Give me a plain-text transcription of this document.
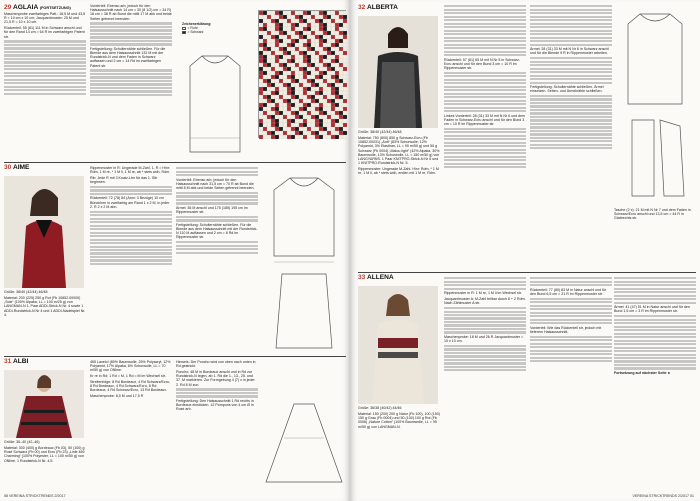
29 AGLAIA (FORTSETZUNG)

Maschenprobe zweifarbiges Patt.: 18,5 M und 43,5 R = 10 cm x 10 cm; Jacquardmuster: 25 M und 21,5 R = 10 x 10 cm.

Rückenteil: 55 (61) 111 M in Schwarz anschl und für den Rand 14 cm = 64 R im zweifarbigen Patent str.

Vorderteil: Ebenso arb, jedoch für den Halsausschnitt nach 14 cm = 30 (8 1/2) cm = 34 R) 18 cm = 38 R ab Bund die mittl 17 M abk und beide Seiten getrennt beenden.

Fertigstellung: Schulternähte schließen. Für die Blende aus dem Halsausschnitt 132 M mit der Rundstrick-N und dem Faden in Schwarz auffassen und 2 cm = 14 Rd im zweifarbigen Patent str.

Zeichenerklärung:
= Rohr
= Schwarz
30 AIMÉ
Größe: 38/40 (42/44) 46/48

Material: 200 (225) 250 g Rot (Fb 10852.00000) „Soie“ (100% Alpaka, LL = 100 m/25 g) von LANGMAN-N 1. Paar ADDI-Strick-N Nr. 4 sowie 1 ADDI-Rundstrick-N Nr 4 und 1 ADDI-Nadelspiel Nr. 4.

Rippenmuster in R: Ungerade M-Zahl. 1. R = Hinr: Rdm, 1 M re, * 1 M li, 1 M re, ab * stets wdh, Rdm.

Rib: Jede R mit 3 Knatz-Ltm für das 1. Stb beginnen.

Rückenteil: 72 (78) 84 (Anm: 3 Bezüge) 10 cm Bündchen in zweifarbig am Rand 1 x 2 M, in jeder 2. R 2 x 2 M abn.

Vorderteil: Ebenso arb, jedoch für den Halsausschnitt nach 31,5 cm = 70 R ab Bund die mittl 8 M abk und beide Seiten getrennt beenden.

Ärmel: 36 M anschl und 175 (185) 195 cm im Rippenmuster str.

Fertigstellung: Schulternähte schließen. Für die Blende aus dem Halsausschnitt mit der Rundstrick-N 110 M auffassen und 2 cm = 8 Rd im Rippenmuster str.

31 ALBI
Größe: 36–40 (42–46)

Material: 300 (400) g Bordeaux (Fb 03), 50 (100) g Rosé Schwarz (Fb 00) und Ecru (Fb 23) „Linie 469 Charming“ (100% Polyester, LL = 100 m/50 g) von ONline. 1 Rundstrick-N Nr. 4,5.

465 Lavelo! (80% Baumwolle, 25% Polyacryl, 12% Polyamid, 17% Alpaka, 6% Schurwolle, LL = 70 m/50 g) von ONline.

Kr re in Rd: 1 Rd = M, 1 Rd = M im Wechsel str.

Streifenfolge: 8 Rd Bordeaux, 4 Rd Schwarz/Ecru, 8 Rd Bordeaux, 4 Rd Schwarz/Ecru, 8 Rd Bordeaux, 4 Rd Schwarz/Ecru, 13 Rd Bordeaux.

Maschenprobe: 8,5 M und 17,5 R

Hinweis: Der Poncho wird von oben nach unten in Rd gestrickt.

Poncho: 48 M in Bordeaux anschl und in Rd zur Rundstrick-N legen, ab 1. Rd die 1., 13., 25. und 37. M markieren. Zur Formgebung 4 (7) x in jeder 2. Rd 8 M zun.

Fertigstellung: Den Halsausschnitt 1 Rd rechts in Bordeaux einsticken. 12 Pompons von 4 cm Ø in Rosé arb.

58 VEREINA STRICKTRENDS 2/2017
32 ALBERTA
Größe: 38/40 (42/44) 46/48

Material: 750 (800) 850 g Schwarz-Ecru (Fb 10852.00031) „Anit“ (83% Schurwolle, 12% Polyamid, 3% Elasthan, LL = 90 m/50 g) und 50 g Schwarz (Fb 0004) „Malou light“ (42% Alpaka, 30% Baumwolle, 13% Schurwolle, LL = 150 m/50 g) von LANGYARNS. 1 Paar KNITPRO-Strick-N Nr 6 und 1 KNITPRO-Rundstrick-N Nr. 5.

Rippenmuster: Ungerade M-Zahl. Hinr: Rdm, * 1 M re, 1 M li, ab * stets wdh, enden mit 1 M re, Rdm.

Rückenteil: 57 (61) 65 M mit N Nr 5 in Schwarz-Ecru anschl und für den Bund 3 cm = 10 R im Rippenmuster str.

Linkes Vorderteil: 28 (31) 33 M mit N Nr 6 und dem Faden in Schwarz-Ecru anschl und für den Bund 3 cm = 10 R im Rippenmuster str.

Ärmel: 28 (31) 33 M mit N Nr 6 in Schwarz anschl und für die Blende 9 R in Rippenmuster arbeiten.

Fertigstellung: Schulternähte schließen. Ärmel einsetzen. Seiten- und Ärmelnähte schließen.

Tasche (2 x): 21 M mit N Nr 7 und dem Faden in Schwarz/Ecru anschl und 13,5 cm = 44 R in Glattrechts str.

33 ALLENA
Größe: 36/38 (40/42) 44/46

Material: 150 (200) 200 g Natur (Fb 100), 100 (150) 150 g Grau (Fb 0004) und 50 (100) 100 g Rot (Fb 0006) „Nature Cotton“ (100% Baumwolle, LL = 95 m/50 g) von LANGMAN-N.

Rippenmuster in R: 1 M re, 1 M li im Wechsel str.

Jacquardmuster A: M-Zahl teilbar durch 8 + 2 Rdm. Nach Zählmuster A str.

Maschenprobe: 18 M und 26 R Jacquardmuster = 10 x 10 cm.

Rückenteil: 77 (80) 83 M in Natur anschl und für den Bund 6,5 cm = 21 R im Rippenmuster str.

Vorderteil: Wie das Rückenteil str, jedoch mit tieferem Halsausschnitt.

Ärmel: 41 (47) 51 M in Natur anschl und für den Bund 1,5 cm = 3 R im Rippenmuster str.

Fortsetzung auf nächster Seite ►

VEREINA STRICKTRENDS 2/2017 51
